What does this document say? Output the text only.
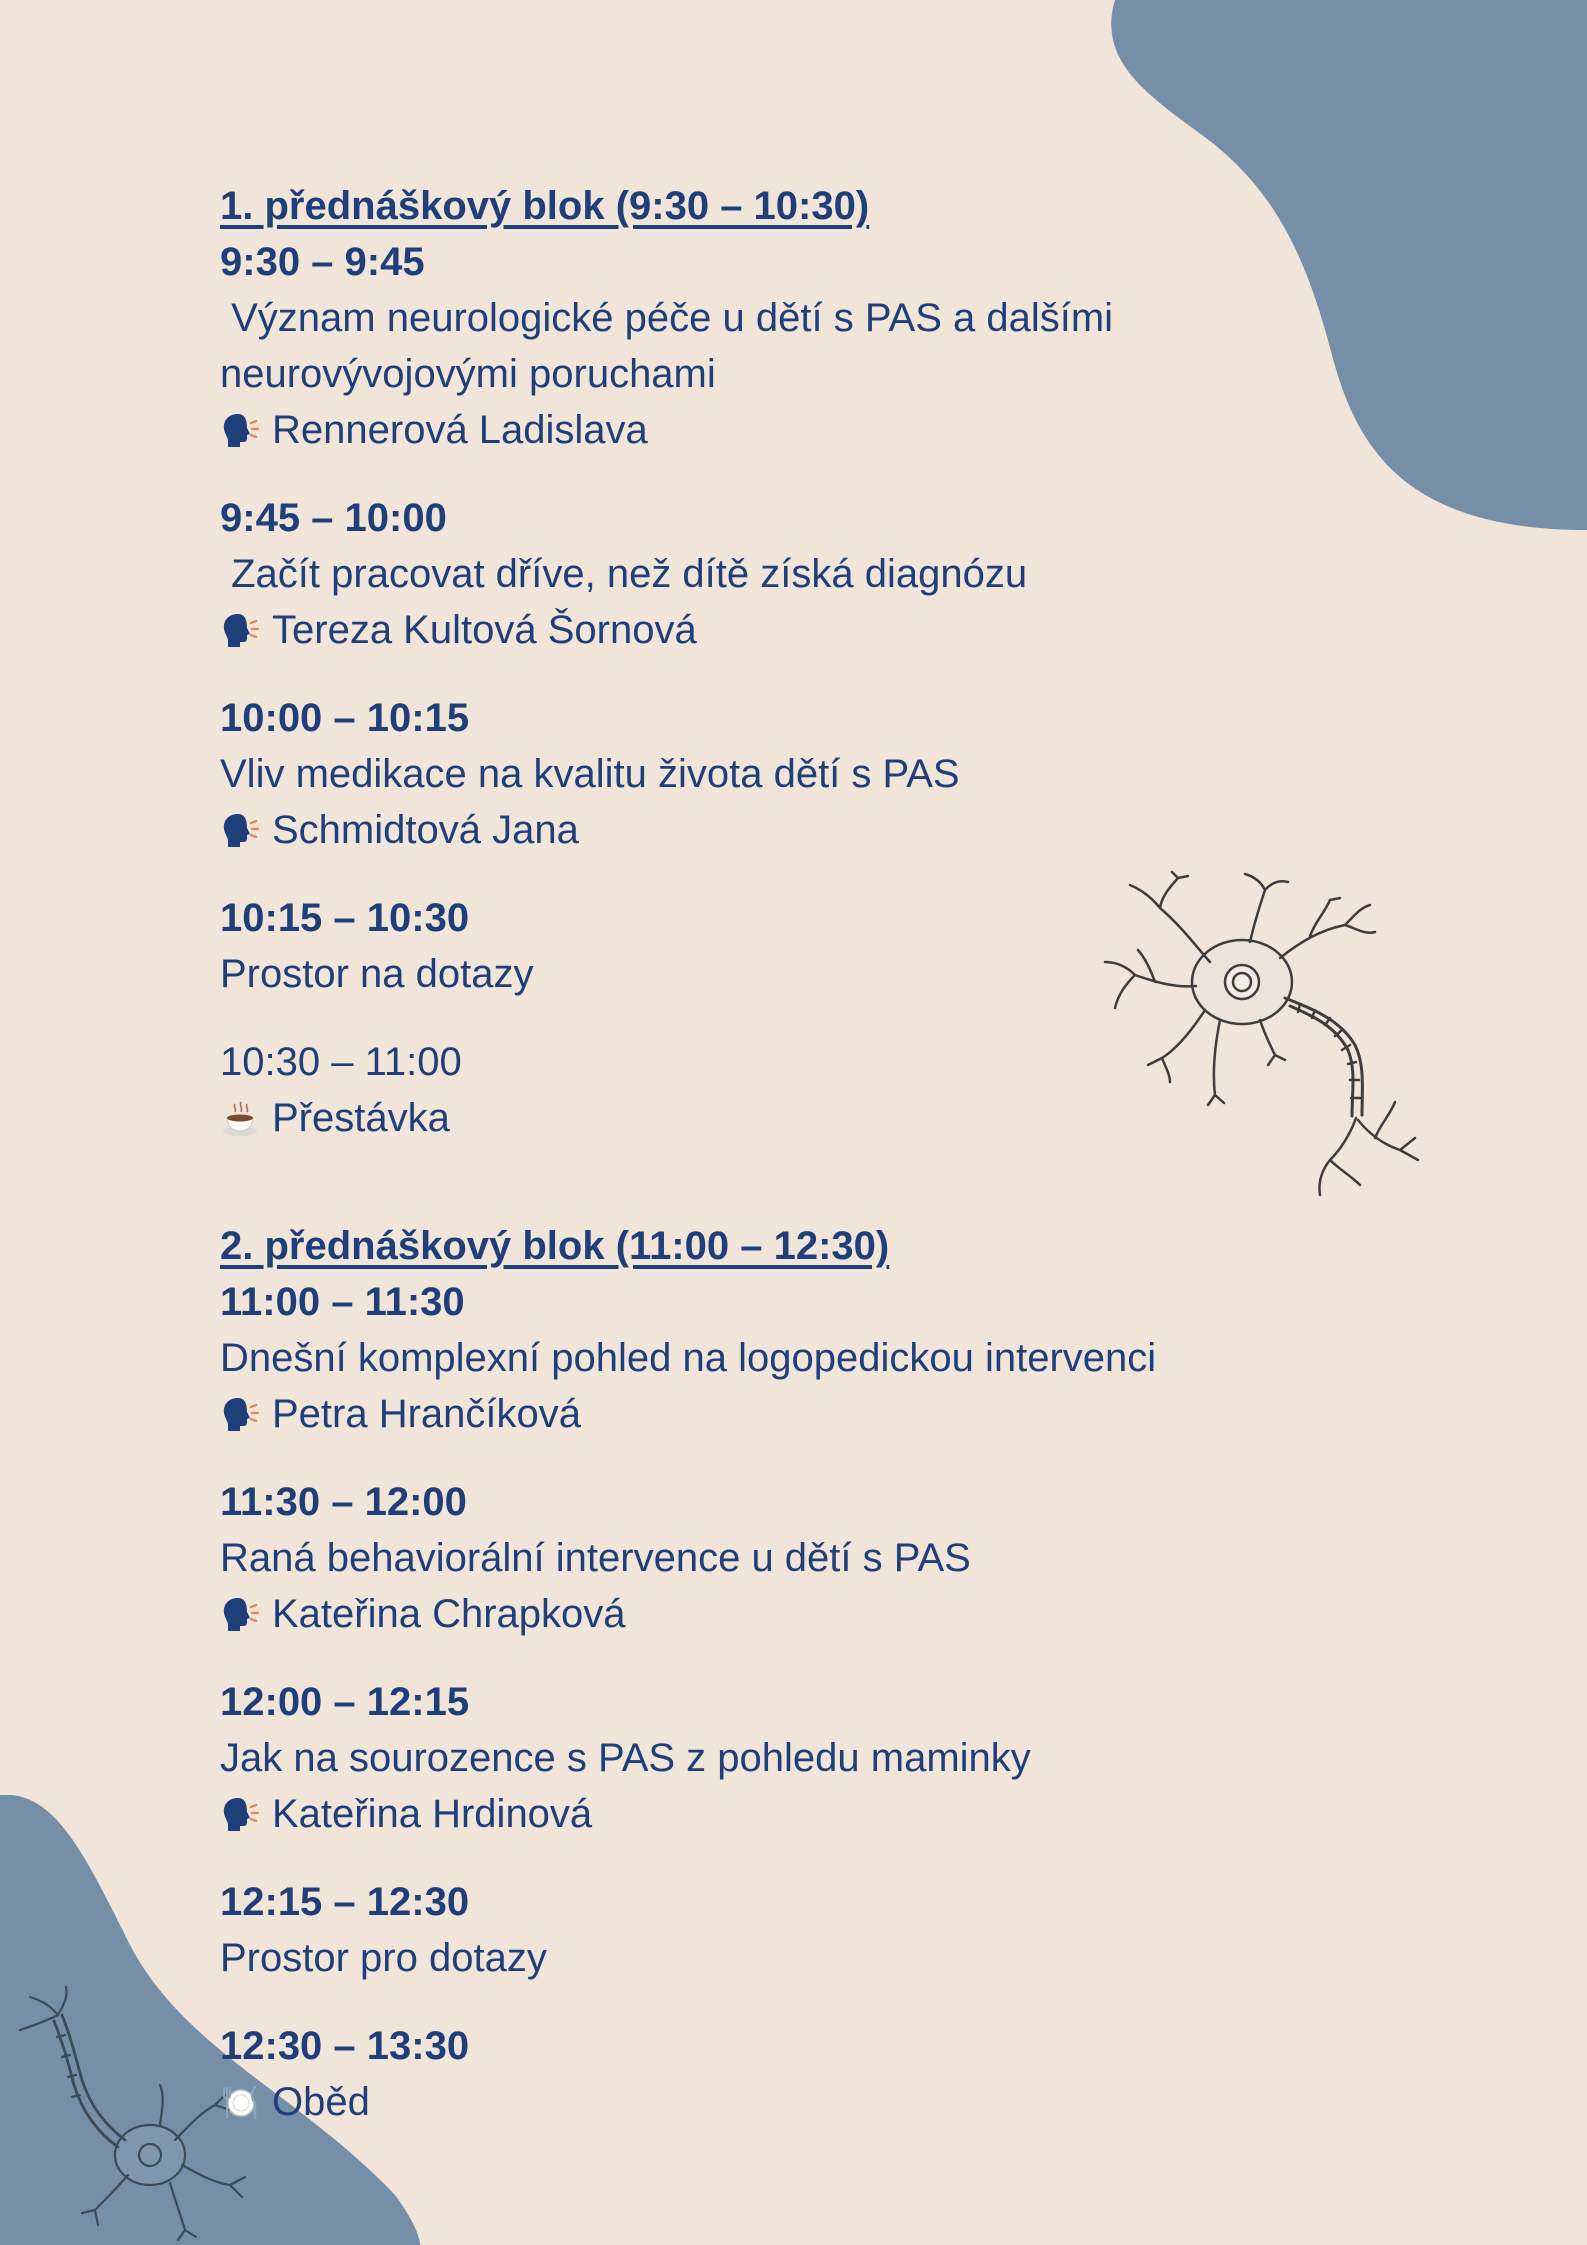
1. přednáškový blok (9:30 – 10:30)
9:30 – 9:45
Význam neurologické péče u dětí s PAS a dalšími
neurovývojovými poruchami
Rennerová Ladislava
9:45 – 10:00
Začít pracovat dříve, než dítě získá diagnózu
Tereza Kultová Šornová
10:00 – 10:15
Vliv medikace na kvalitu života dětí s PAS
Schmidtová Jana
10:15 – 10:30
Prostor na dotazy
10:30 – 11:00
Přestávka
2. přednáškový blok (11:00 – 12:30)
11:00 – 11:30
Dnešní komplexní pohled na logopedickou intervenci
Petra Hrančíková
11:30 – 12:00
Raná behaviorální intervence u dětí s PAS
Kateřina Chrapková
12:00 – 12:15
Jak na sourozence s PAS z pohledu maminky
Kateřina Hrdinová
12:15 – 12:30
Prostor pro dotazy
12:30 – 13:30
Oběd
